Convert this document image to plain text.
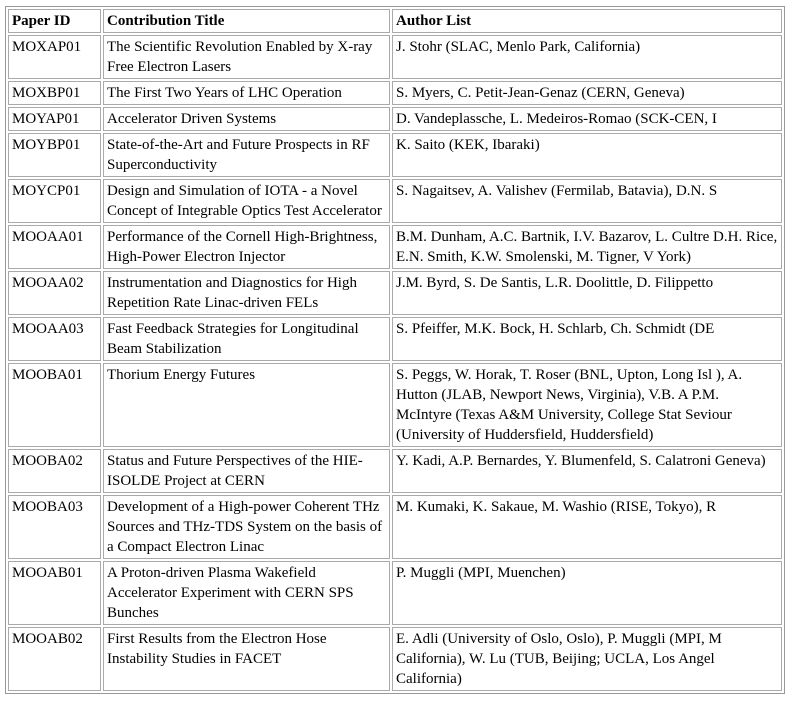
Paper ID	Contribution Title	Author List
MOXAP01	The Scientific Revolution Enabled by X-ray Free Electron Lasers	J. Stohr (SLAC, Menlo Park, California)
MOXBP01	The First Two Years of LHC Operation	S. Myers, C. Petit-Jean-Genaz (CERN, Geneva)
MOYAP01	Accelerator Driven Systems	D. Vandeplassche, L. Medeiros-Romao (SCK-CEN, I
MOYBP01	State-of-the-Art and Future Prospects in RF Superconductivity	K. Saito (KEK, Ibaraki)
MOYCP01	Design and Simulation of IOTA - a Novel Concept of Integrable Optics Test Accelerator	S. Nagaitsev, A. Valishev (Fermilab, Batavia), D.N. S
MOOAA01	Performance of the Cornell High-Brightness, High-Power Electron Injector	B.M. Dunham, A.C. Bartnik, I.V. Bazarov, L. Cultre D.H. Rice, E.N. Smith, K.W. Smolenski, M. Tigner, V York)
MOOAA02	Instrumentation and Diagnostics for High Repetition Rate Linac-driven FELs	J.M. Byrd, S. De Santis, L.R. Doolittle, D. Filippetto
MOOAA03	Fast Feedback Strategies for Longitudinal Beam Stabilization	S. Pfeiffer, M.K. Bock, H. Schlarb, Ch. Schmidt (DE
MOOBA01	Thorium Energy Futures	S. Peggs, W. Horak, T. Roser (BNL, Upton, Long Isl ), A. Hutton (JLAB, Newport News, Virginia), V.B. A P.M. McIntyre (Texas A&M University, College Stat Seviour (University of Huddersfield, Huddersfield)
MOOBA02	Status and Future Perspectives of the HIE-ISOLDE Project at CERN	Y. Kadi, A.P. Bernardes, Y. Blumenfeld, S. Calatroni Geneva)
MOOBA03	Development of a High-power Coherent THz Sources and THz-TDS System on the basis of a Compact Electron Linac	M. Kumaki, K. Sakaue, M. Washio (RISE, Tokyo), R
MOOAB01	A Proton-driven Plasma Wakefield Accelerator Experiment with CERN SPS Bunches	P. Muggli (MPI, Muenchen)
MOOAB02	First Results from the Electron Hose Instability Studies in FACET	E. Adli (University of Oslo, Oslo), P. Muggli (MPI, M California), W. Lu (TUB, Beijing; UCLA, Los Angel California)
